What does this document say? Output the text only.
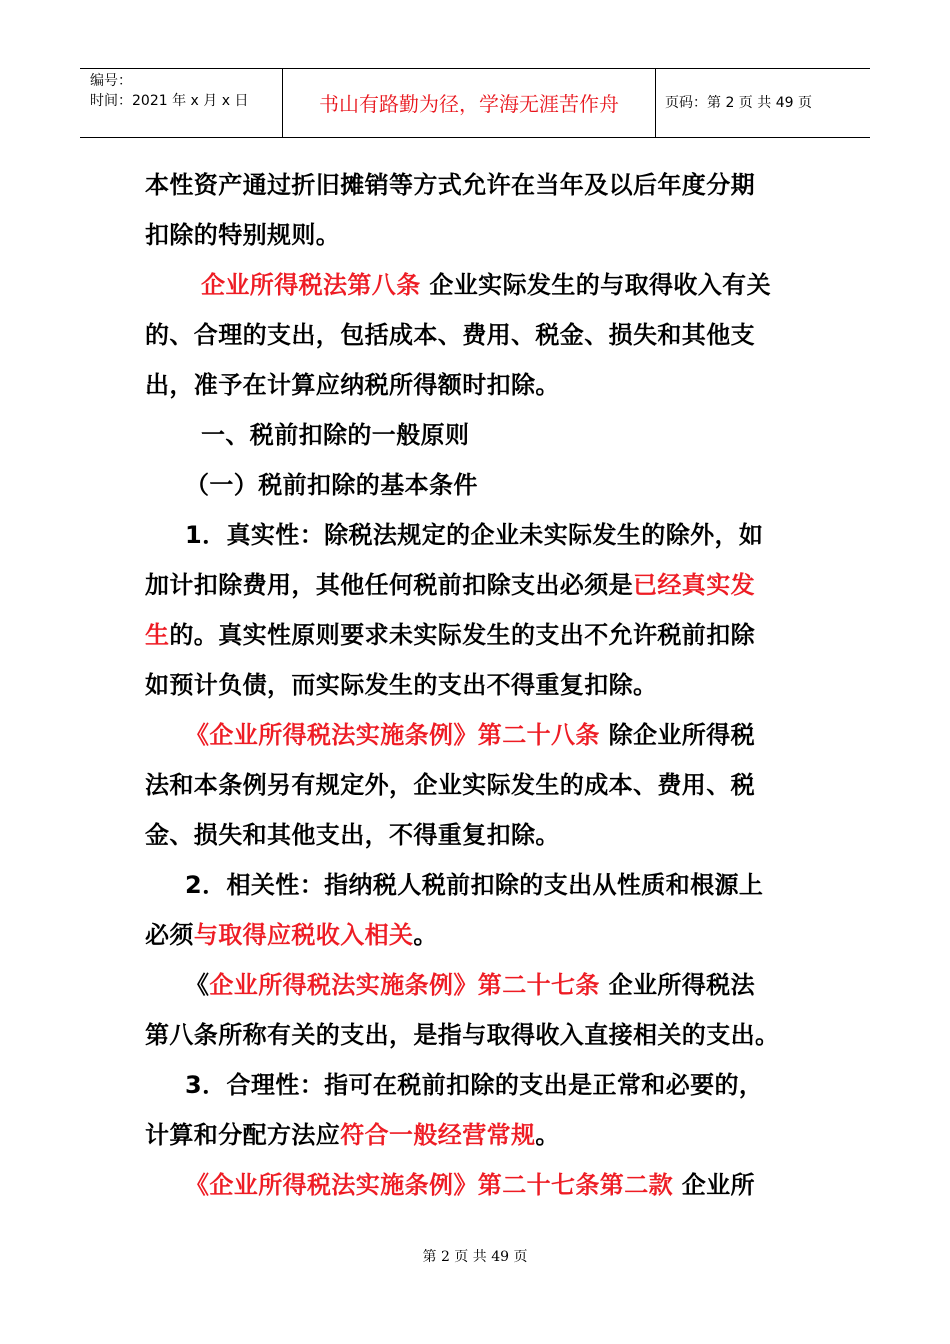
编号：
时间：2021 年 x 月 x 日	书山有路勤为径，学海无涯苦作舟	页码：第 2 页 共 49 页
本性资产通过折旧摊销等方式允许在当年及以后年度分期
扣除的特别规则。
企业所得税法第八条 企业实际发生的与取得收入有关
的、合理的支出，包括成本、费用、税金、损失和其他支
出，准予在计算应纳税所得额时扣除。
一、税前扣除的一般原则
（一）税前扣除的基本条件
1．真实性：除税法规定的企业未实际发生的除外，如
加计扣除费用，其他任何税前扣除支出必须是已经真实发
生的。真实性原则要求未实际发生的支出不允许税前扣除
如预计负债，而实际发生的支出不得重复扣除。
《企业所得税法实施条例》第二十八条 除企业所得税
法和本条例另有规定外，企业实际发生的成本、费用、税
金、损失和其他支出，不得重复扣除。
2．相关性：指纳税人税前扣除的支出从性质和根源上
必须与取得应税收入相关。
《企业所得税法实施条例》第二十七条 企业所得税法
第八条所称有关的支出，是指与取得收入直接相关的支出。
3．合理性：指可在税前扣除的支出是正常和必要的，
计算和分配方法应符合一般经营常规。
《企业所得税法实施条例》第二十七条第二款 企业所
第 2 页 共 49 页
